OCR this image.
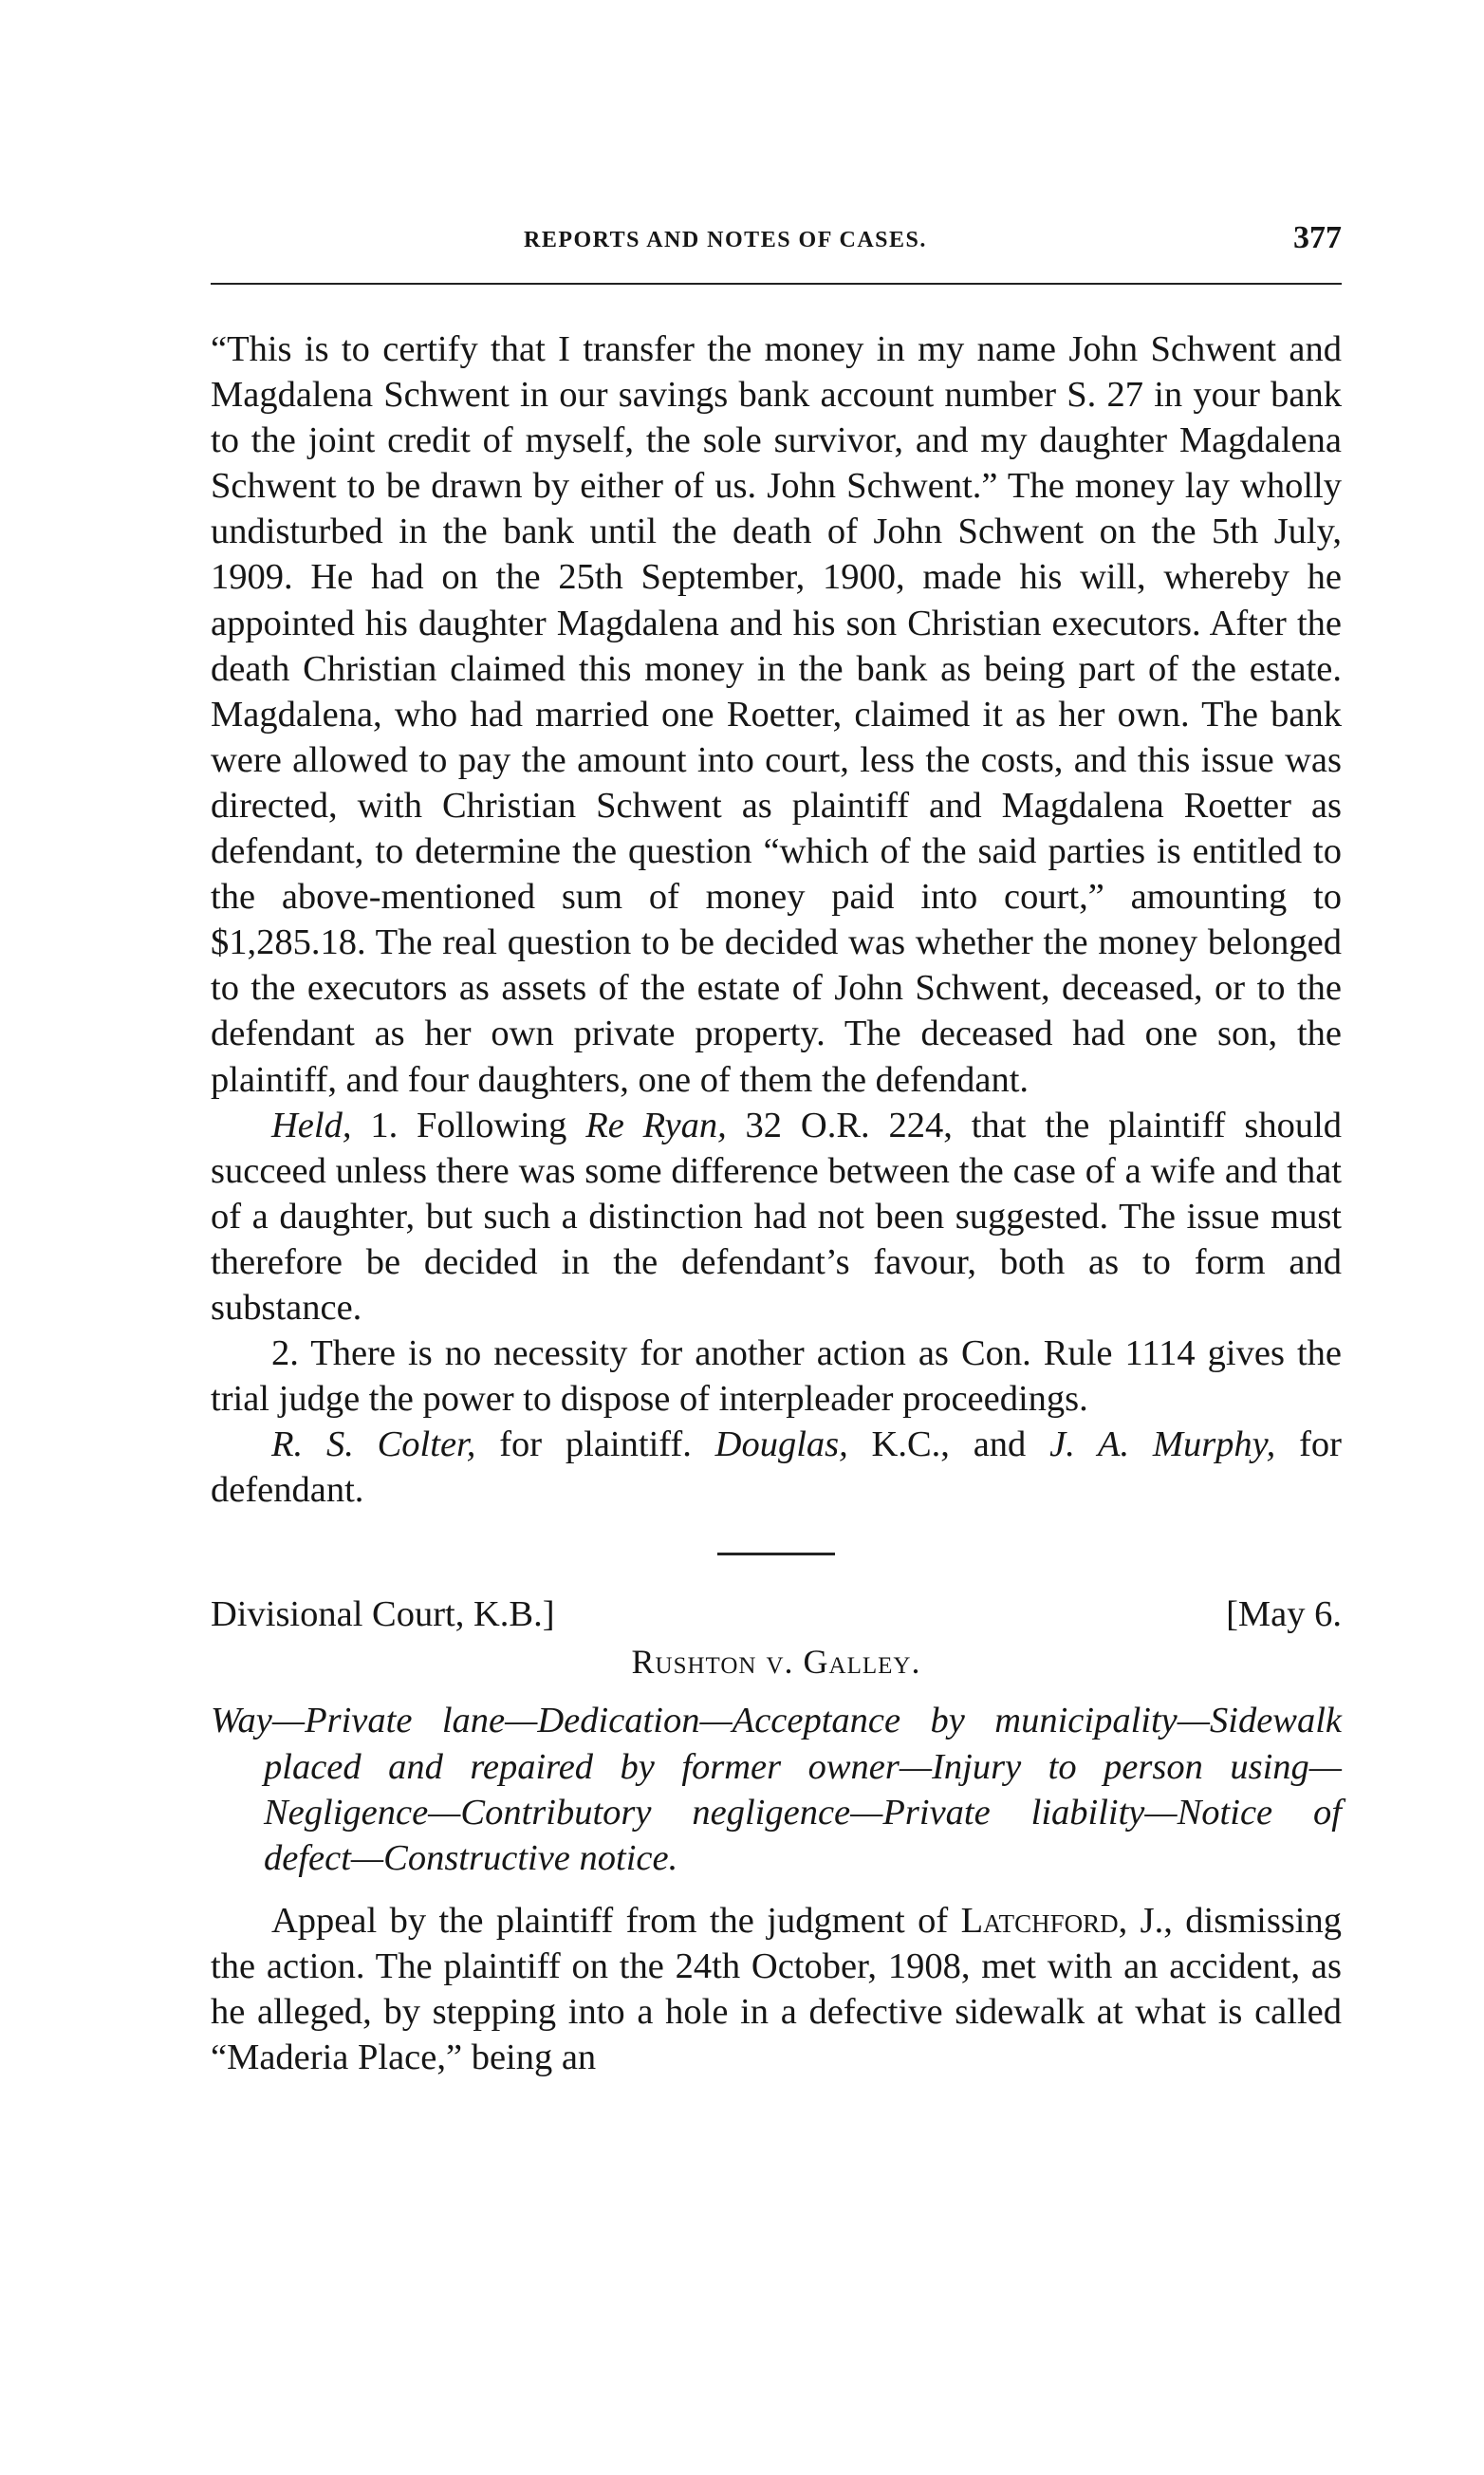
REPORTS AND NOTES OF CASES.	377

“This is to certify that I transfer the money in my name John Schwent and Magdalena Schwent in our savings bank account number S. 27 in your bank to the joint credit of myself, the sole survivor, and my daughter Magdalena Schwent to be drawn by either of us. John Schwent.” The money lay wholly undisturbed in the bank until the death of John Schwent on the 5th July, 1909. He had on the 25th September, 1900, made his will, whereby he appointed his daughter Magdalena and his son Christian executors. After the death Christian claimed this money in the bank as being part of the estate. Magdalena, who had married one Roetter, claimed it as her own. The bank were allowed to pay the amount into court, less the costs, and this issue was directed, with Christian Schwent as plaintiff and Magdalena Roetter as defendant, to determine the question “which of the said parties is entitled to the above-mentioned sum of money paid into court,” amounting to $1,285.18. The real question to be decided was whether the money belonged to the executors as assets of the estate of John Schwent, deceased, or to the defendant as her own private property. The deceased had one son, the plaintiff, and four daughters, one of them the defendant.

Held, 1. Following Re Ryan, 32 O.R. 224, that the plaintiff should succeed unless there was some difference between the case of a wife and that of a daughter, but such a distinction had not been suggested. The issue must therefore be decided in the defendant’s favour, both as to form and substance.

2. There is no necessity for another action as Con. Rule 1114 gives the trial judge the power to dispose of interpleader proceedings.

R. S. Colter, for plaintiff. Douglas, K.C., and J. A. Murphy, for defendant.

Divisional Court, K.B.]	[May 6.
Rushton v. Galley.

Way—Private lane—Dedication—Acceptance by municipality—Sidewalk placed and repaired by former owner—Injury to person using—Negligence—Contributory negligence—Private liability—Notice of defect—Constructive notice.

Appeal by the plaintiff from the judgment of Latchford, J., dismissing the action. The plaintiff on the 24th October, 1908, met with an accident, as he alleged, by stepping into a hole in a defective sidewalk at what is called “Maderia Place,” being an
